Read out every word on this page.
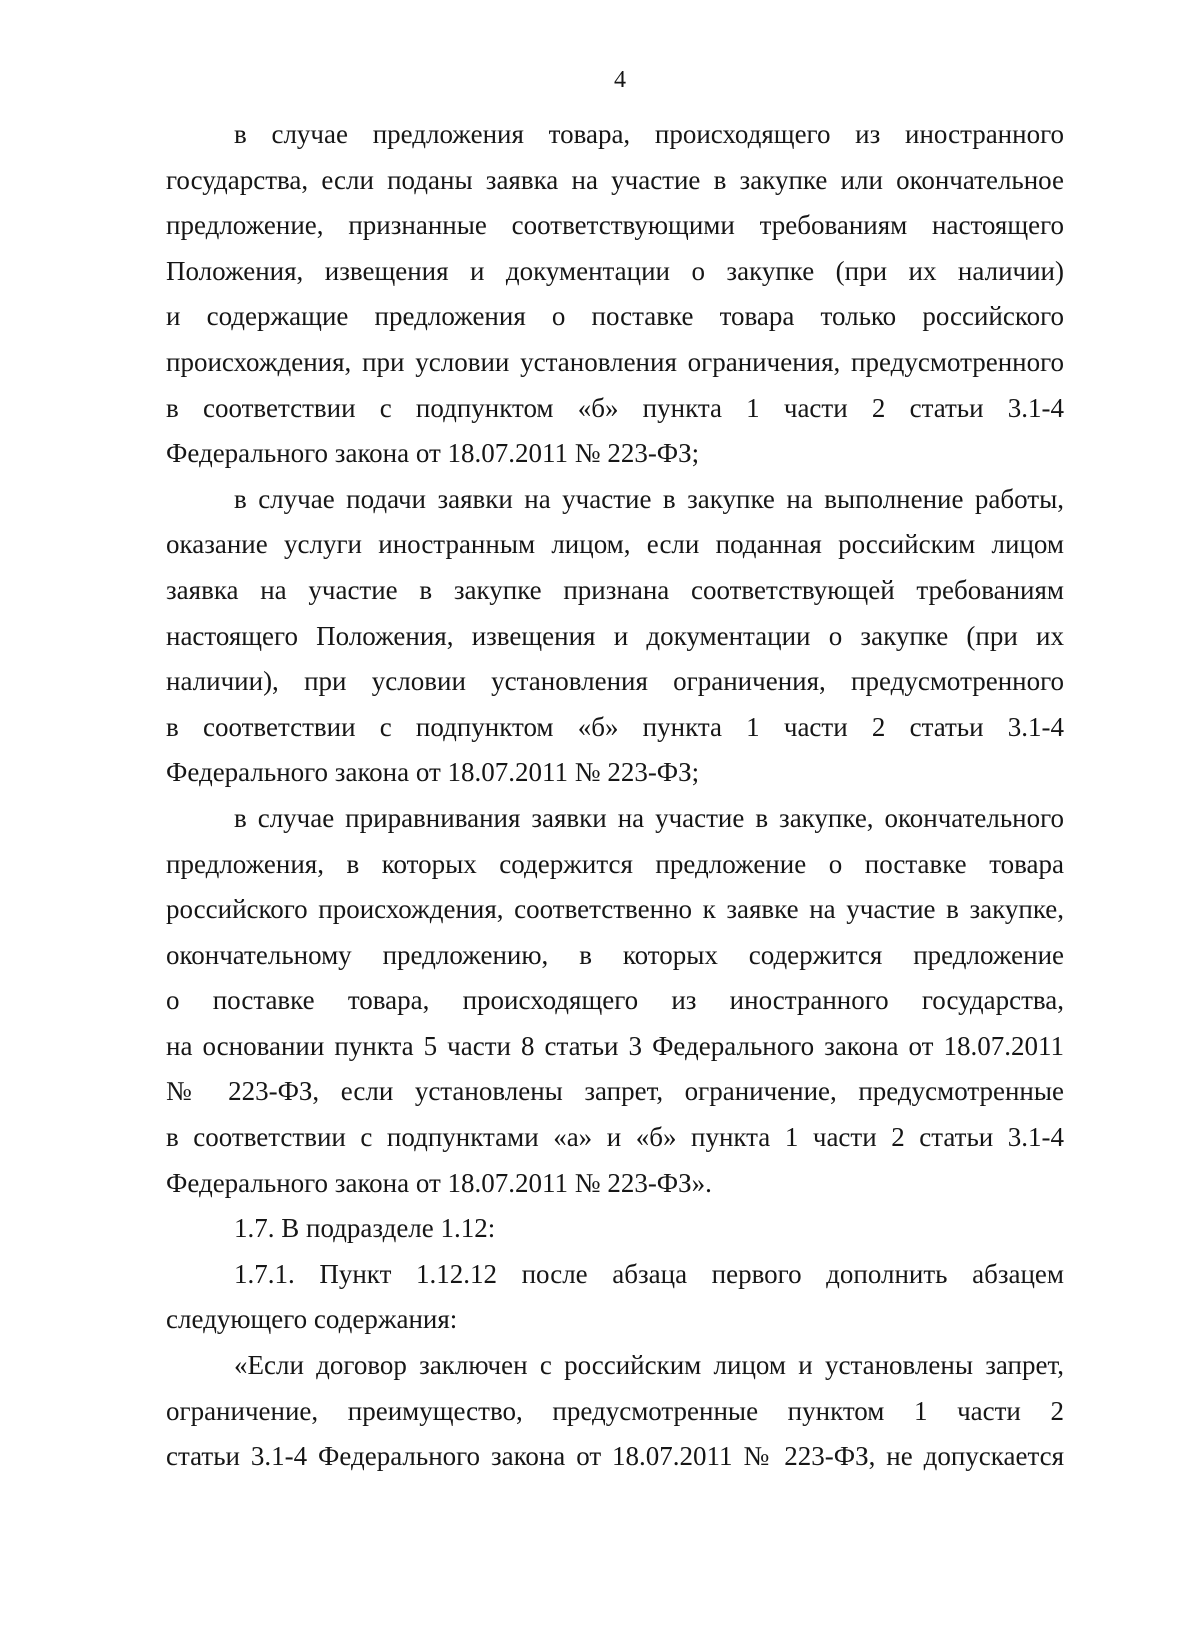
4
в случае предложения товара, происходящего из иностранного
государства, если поданы заявка на участие в закупке или окончательное
предложение, признанные соответствующими требованиям настоящего
Положения, извещения и документации о закупке (при их наличии)
и содержащие предложения о поставке товара только российского
происхождения, при условии установления ограничения, предусмотренного
в соответствии с подпунктом «б» пункта 1 части 2 статьи 3.1-4
Федерального закона от 18.07.2011 № 223-ФЗ;
в случае подачи заявки на участие в закупке на выполнение работы,
оказание услуги иностранным лицом, если поданная российским лицом
заявка на участие в закупке признана соответствующей требованиям
настоящего Положения, извещения и документации о закупке (при их
наличии), при условии установления ограничения, предусмотренного
в соответствии с подпунктом «б» пункта 1 части 2 статьи 3.1-4
Федерального закона от 18.07.2011 № 223-ФЗ;
в случае приравнивания заявки на участие в закупке, окончательного
предложения, в которых содержится предложение о поставке товара
российского происхождения, соответственно к заявке на участие в закупке,
окончательному предложению, в которых содержится предложение
о поставке товара, происходящего из иностранного государства,
на основании пункта 5 части 8 статьи 3 Федерального закона от 18.07.2011
№ 223-ФЗ, если установлены запрет, ограничение, предусмотренные
в соответствии с подпунктами «а» и «б» пункта 1 части 2 статьи 3.1-4
Федерального закона от 18.07.2011 № 223-ФЗ».
1.7. В подразделе 1.12:
1.7.1. Пункт 1.12.12 после абзаца первого дополнить абзацем
следующего содержания:
«Если договор заключен с российским лицом и установлены запрет,
ограничение, преимущество, предусмотренные пунктом 1 части 2
статьи 3.1-4 Федерального закона от 18.07.2011 № 223-ФЗ, не допускается
